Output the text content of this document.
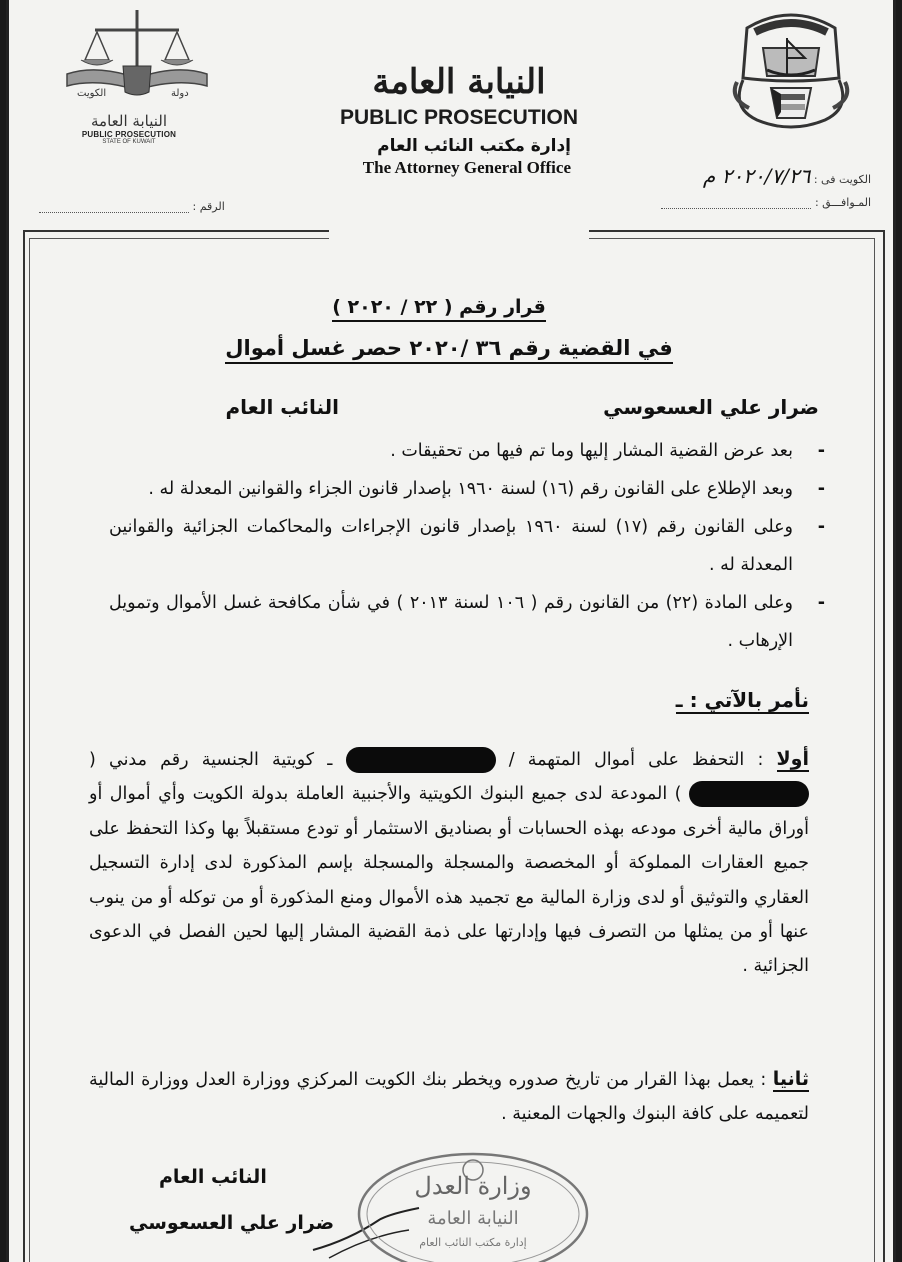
النيابة العامة
PUBLIC PROSECUTION
STATE OF KUWAIT
دولة
الكويت	النيابة العامة
PUBLIC PROSECUTION
إدارة مكتب النائب العام
The Attorney General Office
الرقم :
الكويت فى : ٢٠٢٠/٧/٢٦ م
المـوافـــق :
قرار رقم ( ٢٢ / ٢٠٢٠ )
في القضية رقم ٣٦ /٢٠٢٠ حصر غسل أموال
ضرار علي العسعوسي
النائب العام
-
بعد عرض القضية المشار إليها وما تم فيها من تحقيقات .
-
وبعد الإطلاع على القانون رقم (١٦) لسنة ١٩٦٠ بإصدار قانون الجزاء والقوانين المعدلة له .
-
وعلى القانون رقم (١٧) لسنة ١٩٦٠ بإصدار قانون الإجراءات والمحاكمات الجزائية والقوانين المعدلة له .
-
وعلى المادة (٢٢) من القانون رقم ( ١٠٦ لسنة ٢٠١٣ ) في شأن مكافحة غسل الأموال وتمويل الإرهاب .
نأمر بالآتي : ـ
أولا : التحفظ على أموال المتهمة /  ـ كويتية الجنسية رقم مدني (  ) المودعة لدى جميع البنوك الكويتية والأجنبية العاملة بدولة الكويت وأي أموال أو أوراق مالية أخرى مودعه بهذه الحسابات أو بصناديق الاستثمار أو تودع مستقبلاً بها وكذا التحفظ على جميع العقارات المملوكة أو المخصصة والمسجلة والمسجلة بإسم المذكورة لدى إدارة التسجيل العقاري والتوثيق أو لدى وزارة المالية مع تجميد هذه الأموال ومنع المذكورة أو من توكله أو من ينوب عنها أو من يمثلها من التصرف فيها وإدارتها على ذمة القضية المشار إليها لحين الفصل في الدعوى الجزائية .
ثانيا : يعمل بهذا القرار من تاريخ صدوره ويخطر بنك الكويت المركزي ووزارة العدل ووزارة المالية لتعميمه على كافة البنوك والجهات المعنية .
النائب العام
ضرار علي العسعوسي
وزارة العدل
النيابة العامة
إدارة مكتب النائب العام
